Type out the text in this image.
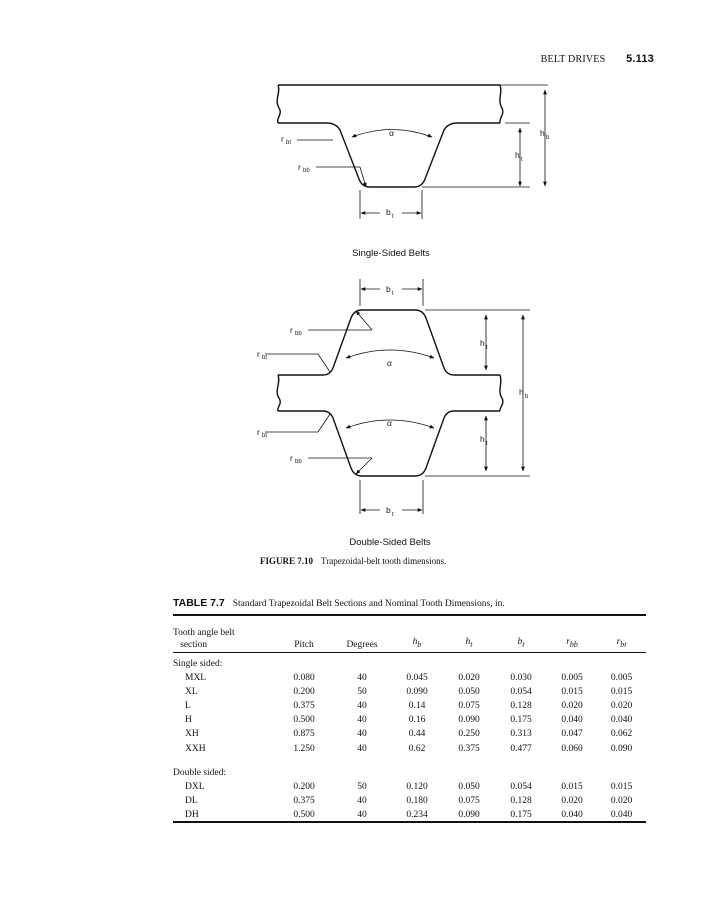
BELT DRIVES 5.113
r bt
r bb
α
h t
h b
b t
Single-Sided Belts
b t
r bb
r bt	α
h t
h b
α
r bt	h t
r bb
b t
Double-Sided Belts
FIGURE 7.10 Trapezoidal-belt tooth dimensions.
TABLE 7.7 Standard Trapezoidal Belt Sections and Nominal Tooth Dimensions, in.
Tooth angle belt
section	Pitch	Degrees	$h_b$	$h_t$	$b_t$	$r_{bb}$	$r_{bt}$
Single sided:							
MXL	0.080	40	0.045	0.020	0.030	0.005	0.005
XL	0.200	50	0.090	0.050	0.054	0.015	0.015
L	0.375	40	0.14	0.075	0.128	0.020	0.020
H	0.500	40	0.16	0.090	0.175	0.040	0.040
XH	0.875	40	0.44	0.250	0.313	0.047	0.062
XXH	1.250	40	0.62	0.375	0.477	0.060	0.090

Double sided:							
DXL	0.200	50	0.120	0.050	0.054	0.015	0.015
DL	0.375	40	0.180	0.075	0.128	0.020	0.020
DH	0.500	40	0.234	0.090	0.175	0.040	0.040
